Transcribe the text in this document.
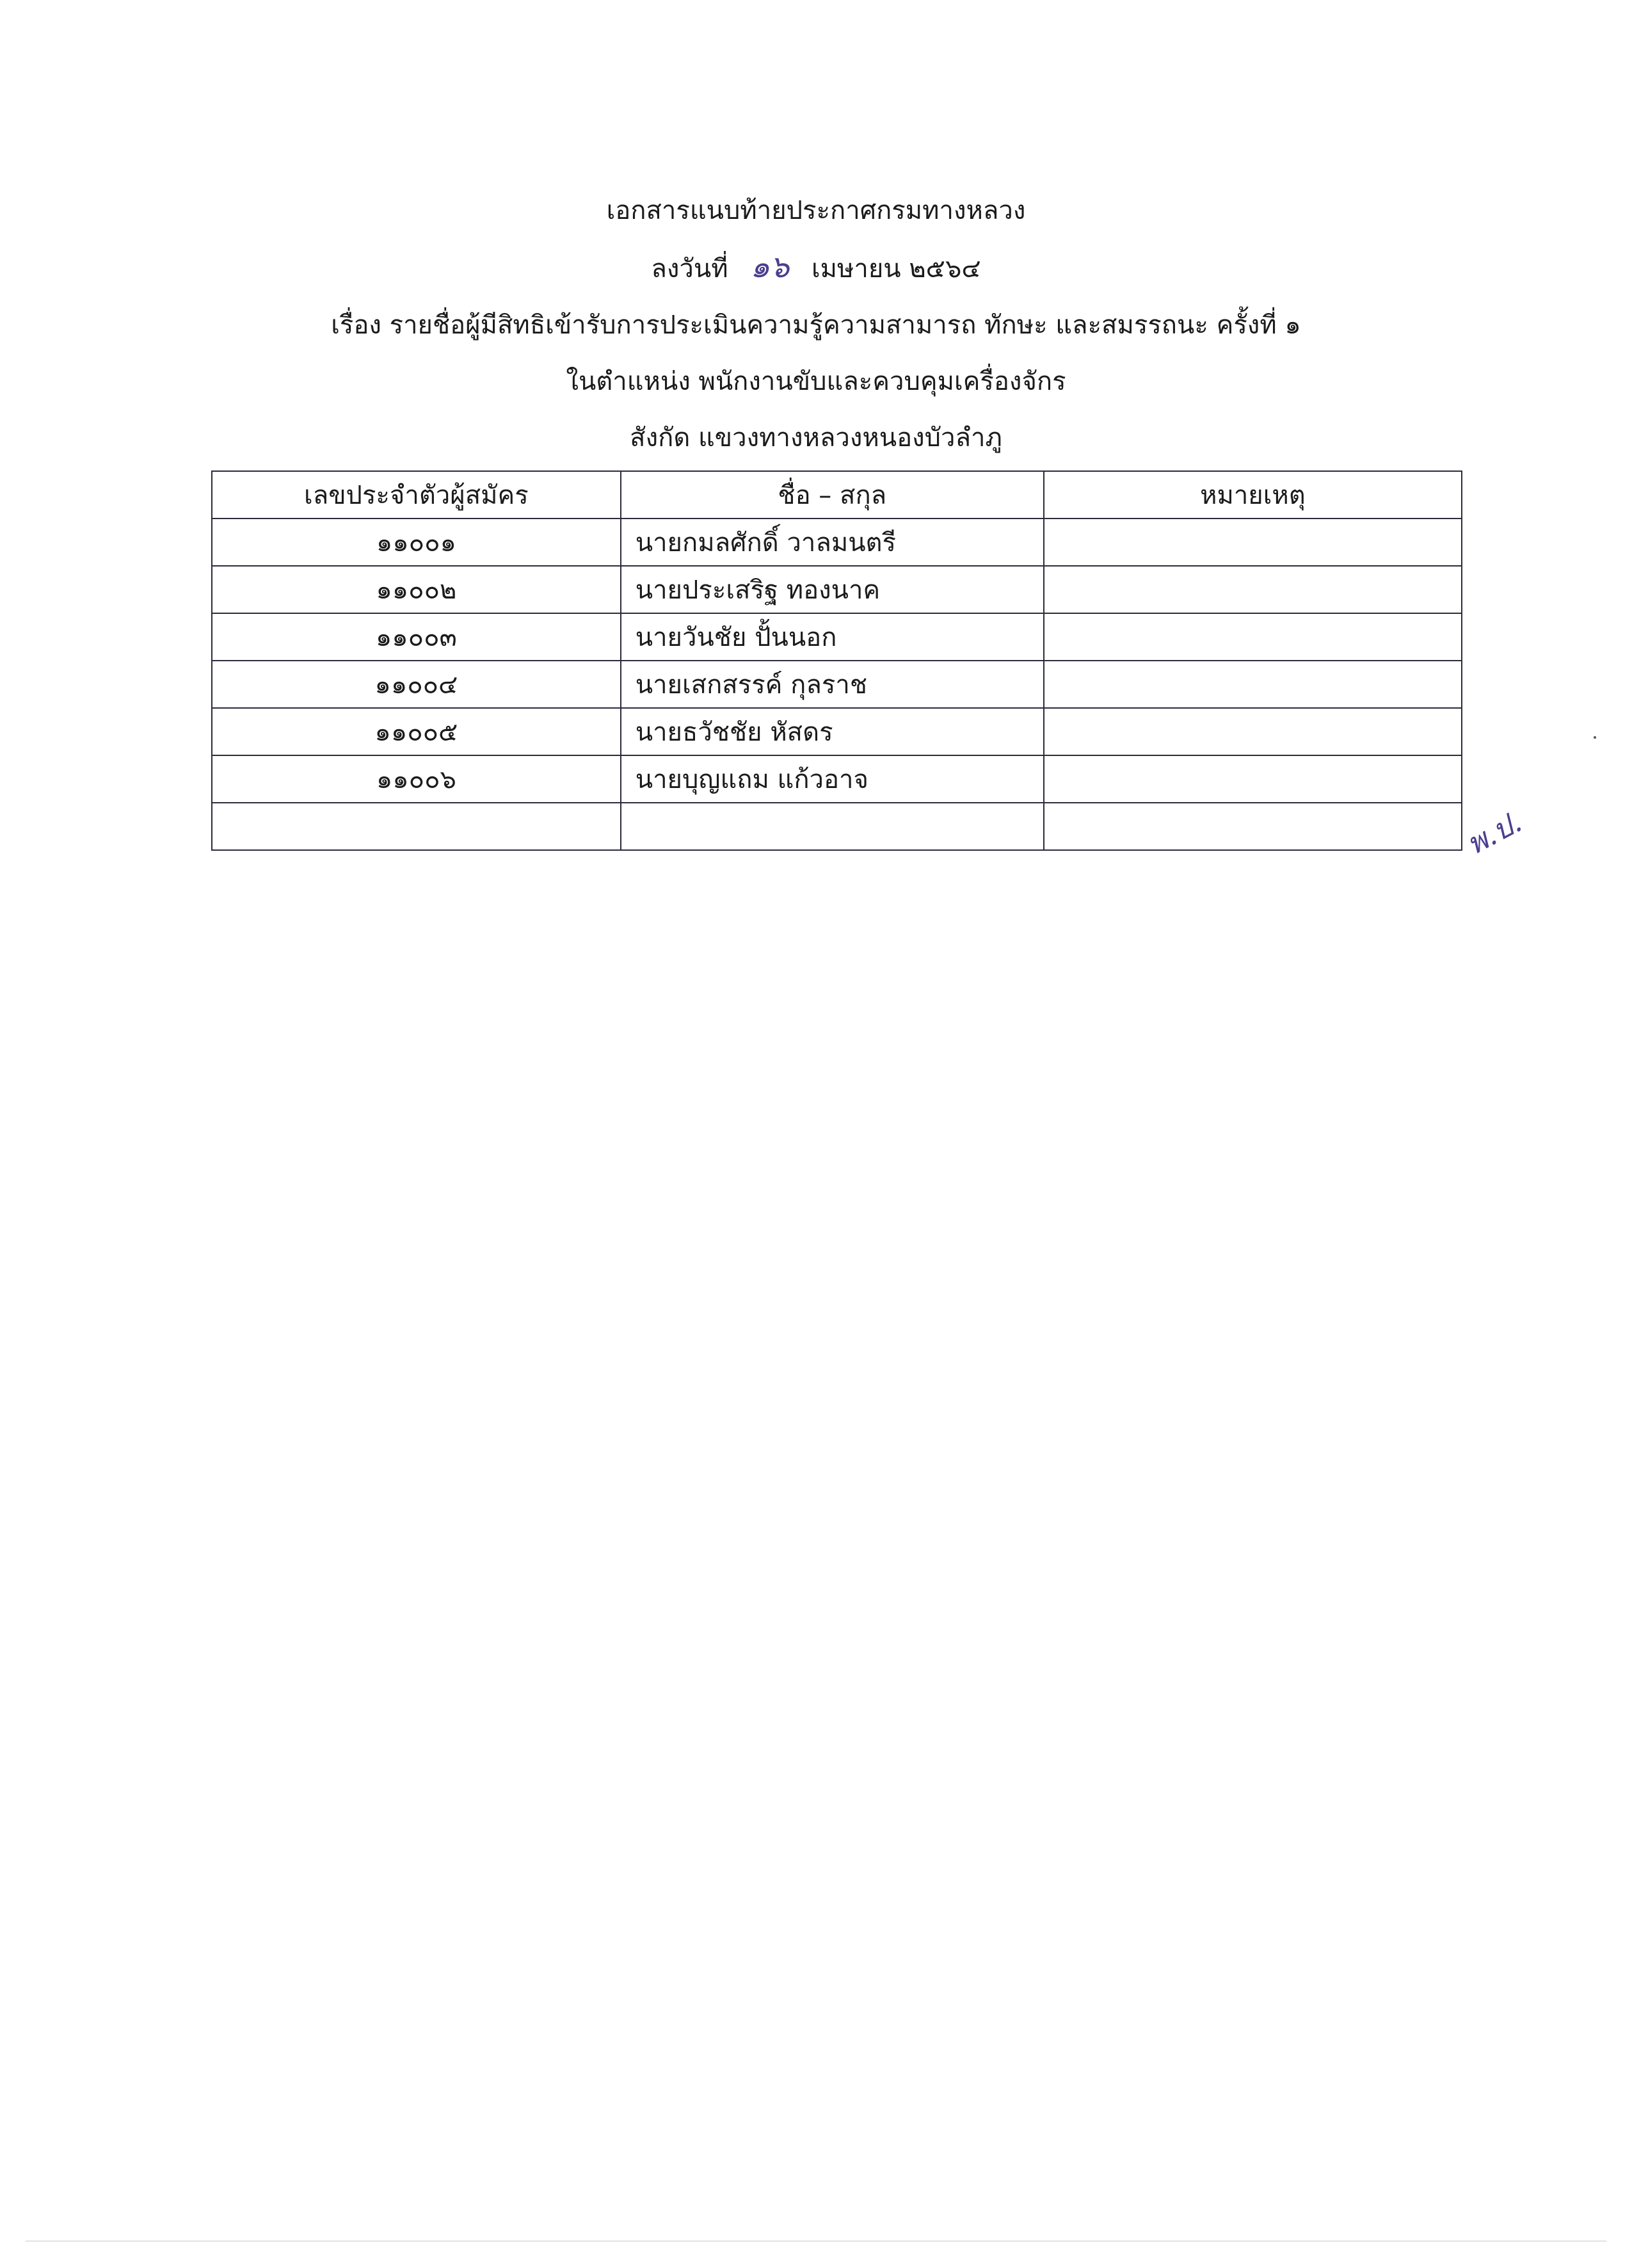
เอกสารแนบท้ายประกาศกรมทางหลวง
ลงวันที่ ๑๖ เมษายน ๒๕๖๔
เรื่อง รายชื่อผู้มีสิทธิเข้ารับการประเมินความรู้ความสามารถ ทักษะ และสมรรถนะ ครั้งที่ ๑
ในตำแหน่ง พนักงานขับและควบคุมเครื่องจักร
สังกัด แขวงทางหลวงหนองบัวลำภู
เลขประจำตัวผู้สมัคร	ชื่อ – สกุล	หมายเหตุ
๑๑๐๐๑	นายกมลศักดิ์ วาลมนตรี	
๑๑๐๐๒	นายประเสริฐ ทองนาค	
๑๑๐๐๓	นายวันชัย ปั้นนอก	
๑๑๐๐๔	นายเสกสรรค์ กุลราช	
๑๑๐๐๕	นายธวัชชัย หัสดร	
๑๑๐๐๖	นายบุญแถม แก้วอาจ	

พ.ป.
